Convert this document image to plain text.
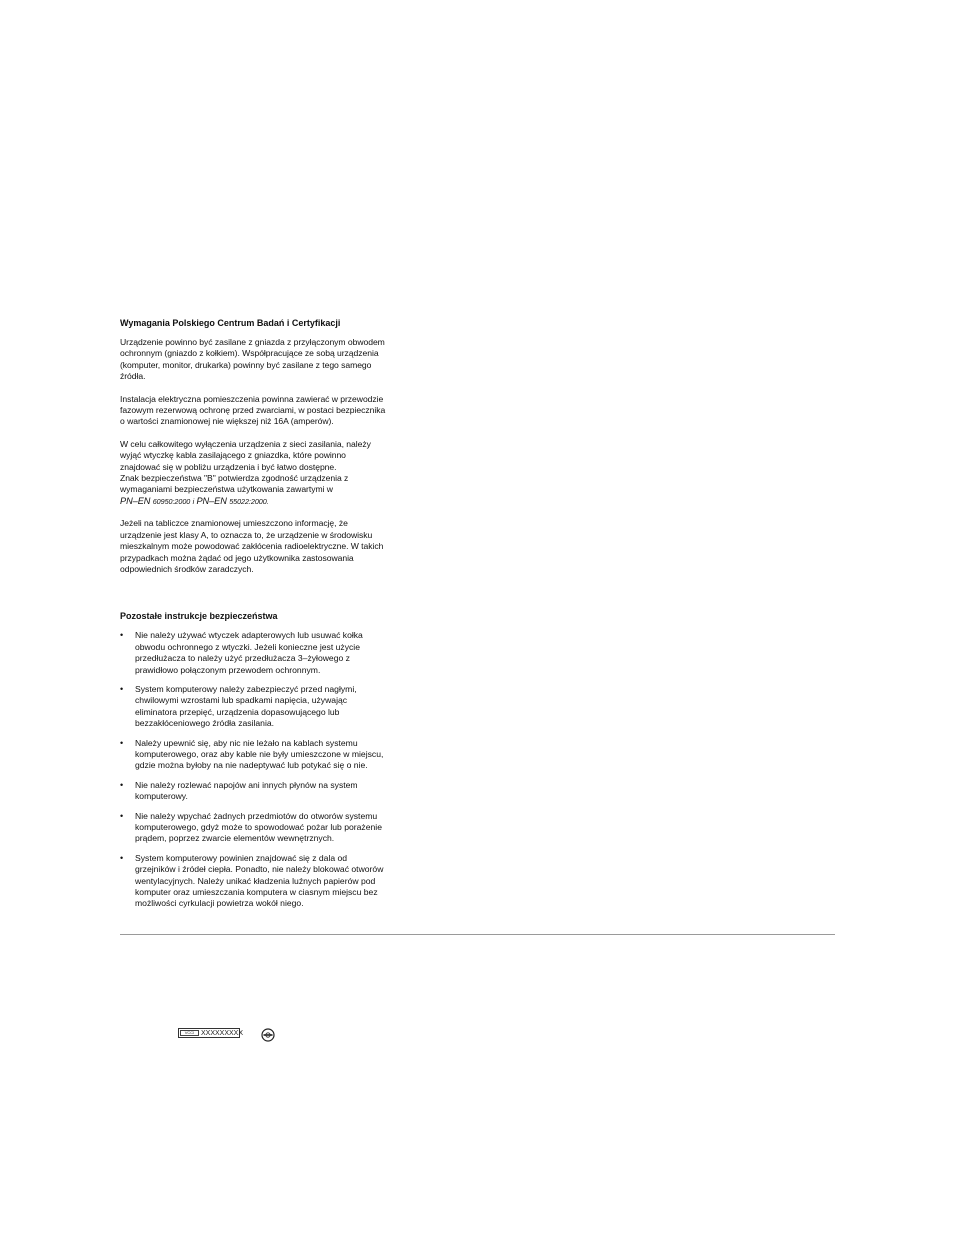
Wymagania Polskiego Centrum Badań i Certyfikacji
Urządzenie powinno być zasilane z gniazda z przyłączonym obwodem
ochronnym (gniazdo z kołkiem). Współpracujące ze sobą urządzenia
(komputer, monitor, drukarka) powinny być zasilane z tego samego
źródła.
Instalacja elektryczna pomieszczenia powinna zawierać w przewodzie
fazowym rezerwową ochronę przed zwarciami, w postaci bezpiecznika
o wartości znamionowej nie większej niż 16A (amperów).
W celu całkowitego wyłączenia urządzenia z sieci zasilania, należy
wyjąć wtyczkę kabla zasilającego z gniazdka, które powinno
znajdować się w pobliżu urządzenia i być łatwo dostępne.
Znak bezpieczeństwa "B" potwierdza zgodność urządzenia z
wymaganiami bezpieczeństwa użytkowania zawartymi w
PN–EN 60950:2000 i PN–EN 55022:2000.
Jeżeli na tabliczce znamionowej umieszczono informację, że
urządzenie jest klasy A, to oznacza to, że urządzenie w środowisku
mieszkalnym może powodować zakłócenia radioelektryczne. W takich
przypadkach można żądać od jego użytkownika zastosowania
odpowiednich środków zaradczych.
Pozostałe instrukcje bezpieczeństwa
• Nie należy używać wtyczek adapterowych lub usuwać kołka
obwodu ochronnego z wtyczki. Jeżeli konieczne jest użycie
przedłużacza to należy użyć przedłużacza 3–żyłowego z
prawidłowo połączonym przewodem ochronnym.
• System komputerowy należy zabezpieczyć przed nagłymi,
chwilowymi wzrostami lub spadkami napięcia, używając
eliminatora przepięć, urządzenia dopasowującego lub
bezzakłóceniowego źródła zasilania.
• Należy upewnić się, aby nic nie leżało na kablach systemu
komputerowego, oraz aby kable nie były umieszczone w miejscu,
gdzie można byłoby na nie nadeptywać lub potykać się o nie.
• Nie należy rozlewać napojów ani innych płynów na system
komputerowy.
• Nie należy wpychać żadnych przedmiotów do otworów systemu
komputerowego, gdyż może to spowodować pożar lub porażenie
prądem, poprzez zwarcie elementów wewnętrznych.
• System komputerowy powinien znajdować się z dala od
grzejników i źródeł ciepła. Ponadto, nie należy blokować otworów
wentylacyjnych. Należy unikać kładzenia luźnych papierów pod
komputer oraz umieszczania komputera w ciasnym miejscu bez
możliwości cyrkulacji powietrza wokół niego.
VCCI XXXXXXXXX
